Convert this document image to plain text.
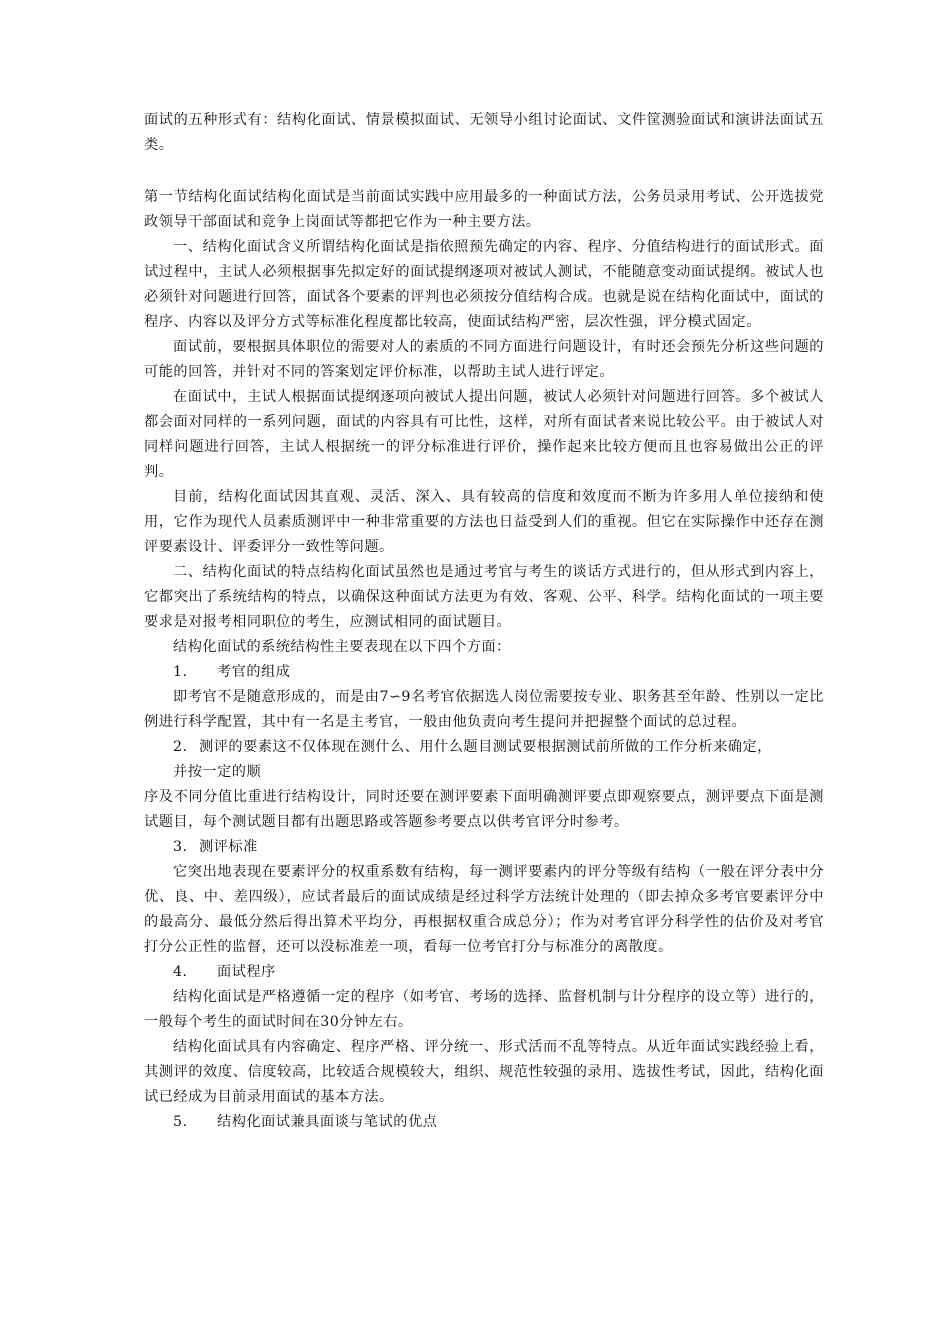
面试的五种形式有：结构化面试、情景模拟面试、无领导小组讨论面试、文件筐测验面试和演讲法面试五类。

第一节结构化面试结构化面试是当前面试实践中应用最多的一种面试方法，公务员录用考试、公开选拔党政领导干部面试和竞争上岗面试等都把它作为一种主要方法。

一、结构化面试含义所谓结构化面试是指依照预先确定的内容、程序、分值结构进行的面试形式。面试过程中，主试人必须根据事先拟定好的面试提纲逐项对被试人测试，不能随意变动面试提纲。被试人也必须针对问题进行回答，面试各个要素的评判也必须按分值结构合成。也就是说在结构化面试中，面试的程序、内容以及评分方式等标准化程度都比较高，使面试结构严密，层次性强，评分模式固定。

面试前，要根据具体职位的需要对人的素质的不同方面进行问题设计，有时还会预先分析这些问题的可能的回答，并针对不同的答案划定评价标准，以帮助主试人进行评定。

在面试中，主试人根据面试提纲逐项向被试人提出问题，被试人必须针对问题进行回答。多个被试人都会面对同样的一系列问题，面试的内容具有可比性，这样，对所有面试者来说比较公平。由于被试人对同样问题进行回答，主试人根据统一的评分标准进行评价，操作起来比较方便而且也容易做出公正的评判。

目前，结构化面试因其直观、灵活、深入、具有较高的信度和效度而不断为许多用人单位接纳和使用，它作为现代人员素质测评中一种非常重要的方法也日益受到人们的重视。但它在实际操作中还存在测评要素设计、评委评分一致性等问题。

二、结构化面试的特点结构化面试虽然也是通过考官与考生的谈话方式进行的，但从形式到内容上，它都突出了系统结构的特点，以确保这种面试方法更为有效、客观、公平、科学。结构化面试的一项主要要求是对报考相同职位的考生，应测试相同的面试题目。

结构化面试的系统结构性主要表现在以下四个方面：

1.	考官的组成

即考官不是随意形成的，而是由7∽9名考官依据选人岗位需要按专业、职务甚至年龄、性别以一定比例进行科学配置，其中有一名是主考官，一般由他负责向考生提问并把握整个面试的总过程。

2. 测评的要素这不仅体现在测什么、用什么题目测试要根据测试前所做的工作分析来确定，

并按一定的顺

序及不同分值比重进行结构设计，同时还要在测评要素下面明确测评要点即观察要点，测评要点下面是测试题目，每个测试题目都有出题思路或答题参考要点以供考官评分时参考。

3. 测评标准

它突出地表现在要素评分的权重系数有结构，每一测评要素内的评分等级有结构（一般在评分表中分优、良、中、差四级），应试者最后的面试成绩是经过科学方法统计处理的（即去掉众多考官要素评分中的最高分、最低分然后得出算术平均分，再根据权重合成总分）；作为对考官评分科学性的估价及对考官打分公正性的监督，还可以没标准差一项，看每一位考官打分与标准分的离散度。

4.	面试程序

结构化面试是严格遵循一定的程序（如考官、考场的选择、监督机制与计分程序的设立等）进行的，一般每个考生的面试时间在30分钟左右。

结构化面试具有内容确定、程序严格、评分统一、形式活而不乱等特点。从近年面试实践经验上看，其测评的效度、信度较高，比较适合规模较大，组织、规范性较强的录用、选拔性考试，因此，结构化面试已经成为目前录用面试的基本方法。

5.	结构化面试兼具面谈与笔试的优点
